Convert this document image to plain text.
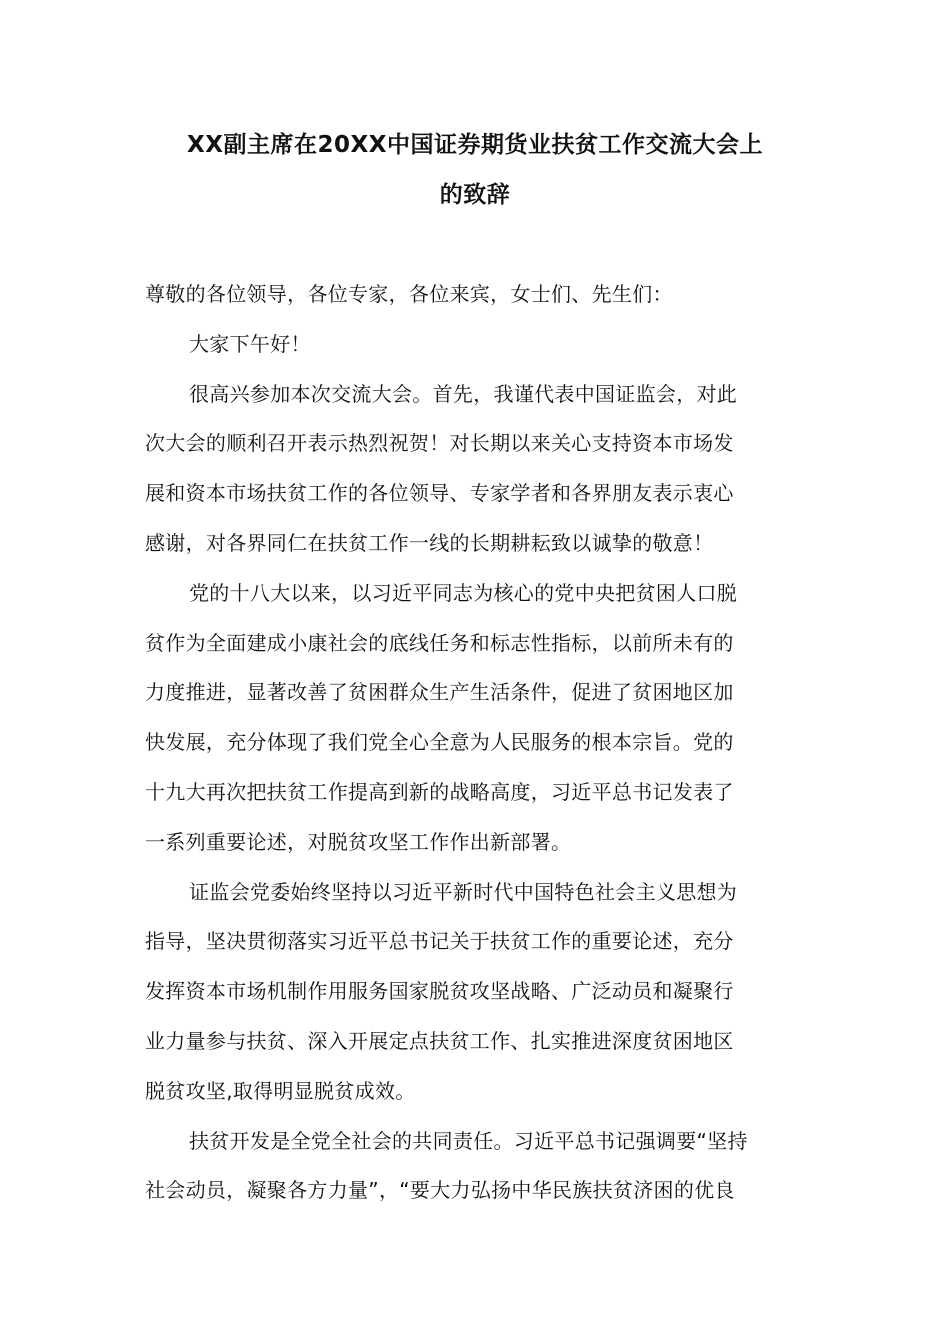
XX副主席在20XX中国证券期货业扶贫工作交流大会上
的致辞
尊敬的各位领导，各位专家，各位来宾，女士们、先生们：
大家下午好！
很高兴参加本次交流大会。首先，我谨代表中国证监会，对此
次大会的顺利召开表示热烈祝贺！对长期以来关心支持资本市场发
展和资本市场扶贫工作的各位领导、专家学者和各界朋友表示衷心
感谢，对各界同仁在扶贫工作一线的长期耕耘致以诚挚的敬意！
党的十八大以来，以习近平同志为核心的党中央把贫困人口脱
贫作为全面建成小康社会的底线任务和标志性指标，以前所未有的
力度推进，显著改善了贫困群众生产生活条件，促进了贫困地区加
快发展，充分体现了我们党全心全意为人民服务的根本宗旨。党的
十九大再次把扶贫工作提高到新的战略高度，习近平总书记发表了
一系列重要论述，对脱贫攻坚工作作出新部署。
证监会党委始终坚持以习近平新时代中国特色社会主义思想为
指导，坚决贯彻落实习近平总书记关于扶贫工作的重要论述，充分
发挥资本市场机制作用服务国家脱贫攻坚战略、广泛动员和凝聚行
业力量参与扶贫、深入开展定点扶贫工作、扎实推进深度贫困地区
脱贫攻坚,取得明显脱贫成效。
扶贫开发是全党全社会的共同责任。习近平总书记强调要“坚持
社会动员，凝聚各方力量”，“要大力弘扬中华民族扶贫济困的优良
